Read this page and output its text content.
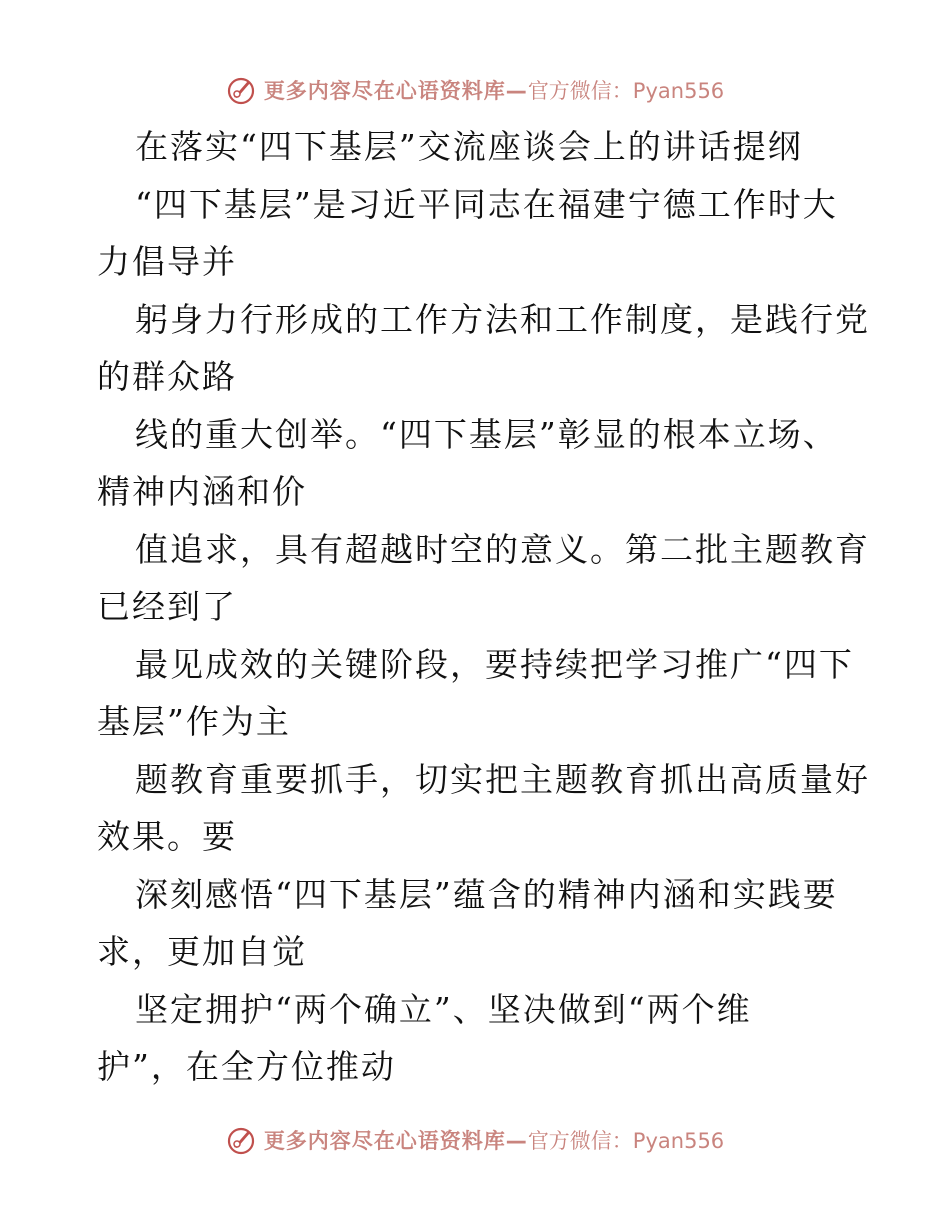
更多内容尽在心语资料库—官方微信：Pyan556
在落实“四下基层”交流座谈会上的讲话提纲
“四下基层”是习近平同志在福建宁德工作时大
力倡导并
躬身力行形成的工作方法和工作制度，是践行党
的群众路
线的重大创举。“四下基层”彰显的根本立场、
精神内涵和价
值追求，具有超越时空的意义。第二批主题教育
已经到了
最见成效的关键阶段，要持续把学习推广“四下
基层”作为主
题教育重要抓手，切实把主题教育抓出高质量好
效果。要
深刻感悟“四下基层”蕴含的精神内涵和实践要
求，更加自觉
坚定拥护“两个确立”、坚决做到“两个维
护”，在全方位推动
更多内容尽在心语资料库—官方微信：Pyan556
